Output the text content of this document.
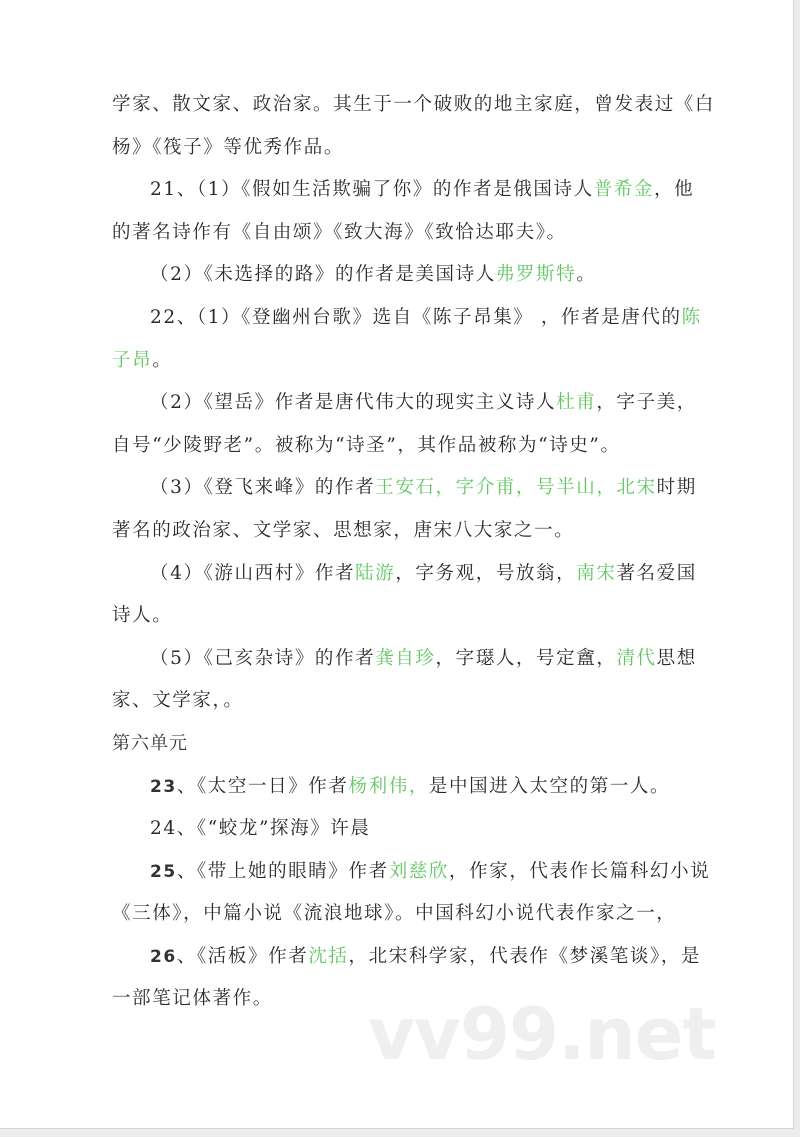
学家、散文家、政治家。其生于一个破败的地主家庭，曾发表过《白
杨》《筏子》等优秀作品。
21、（1）《假如生活欺骗了你》的作者是俄国诗人普希金，他
的著名诗作有《自由颂》《致大海》《致恰达耶夫》。
（2）《未选择的路》的作者是美国诗人弗罗斯特。
22、（1）《登幽州台歌》选自《陈子昂集》 ，作者是唐代的陈
子昂。
（2）《望岳》作者是唐代伟大的现实主义诗人杜甫，字子美，
自号“少陵野老”。被称为“诗圣”，其作品被称为“诗史”。
（3）《登飞来峰》的作者王安石，字介甫，号半山，北宋时期
著名的政治家、文学家、思想家，唐宋八大家之一。
（4）《游山西村》作者陆游，字务观，号放翁，南宋著名爱国
诗人。
（5）《己亥杂诗》的作者龚自珍，字璱人，号定盦，清代思想
家、文学家，。
第六单元
23、《太空一日》作者杨利伟，是中国进入太空的第一人。
24、《“蛟龙”探海》许晨
25、《带上她的眼睛》作者刘慈欣，作家，代表作长篇科幻小说
《三体》，中篇小说《流浪地球》。中国科幻小说代表作家之一，
26、《活板》作者沈括，北宋科学家，代表作《梦溪笔谈》，是
一部笔记体著作。	vv99.net
